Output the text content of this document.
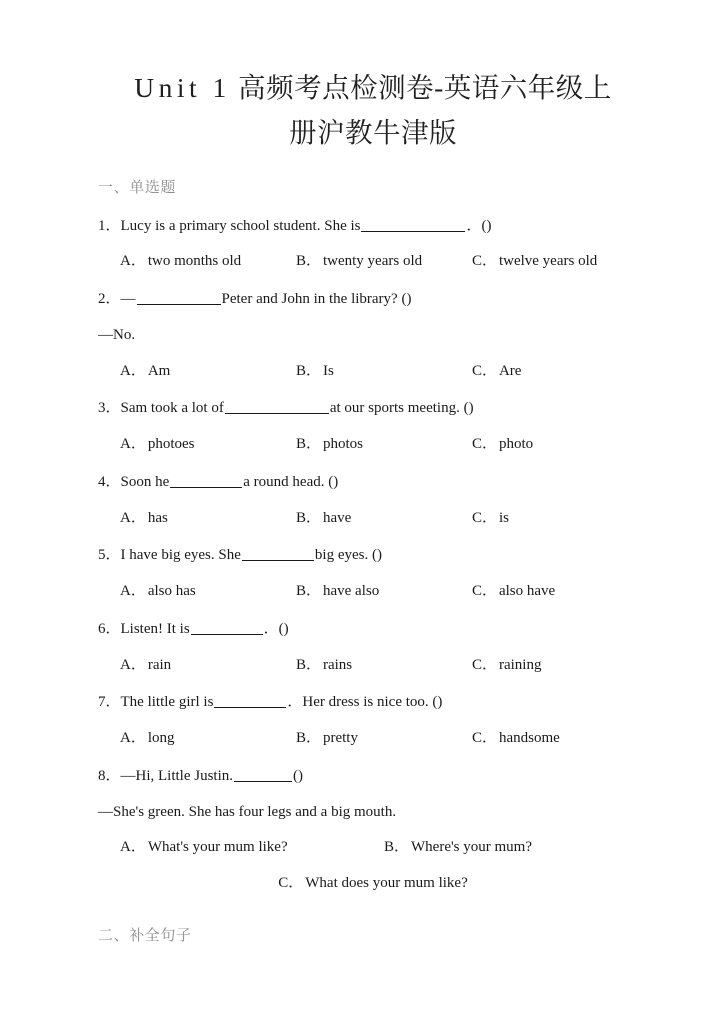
Unit 1 高频考点检测卷-英语六年级上
册沪教牛津版
一、单选题
1．Lucy is a primary school student. She is	．()
A． two months old	B． twenty years old	C． twelve years old
2．—	Peter and John in the library? ()
—No.
A． Am	B． Is	C． Are
3．Sam took a lot of	at our sports meeting. ()
A． photoes	B． photos	C． photo
4．Soon he	a round head. ()
A． has	B． have	C． is
5．I have big eyes. She	big eyes. ()
A． also has	B． have also	C． also have
6．Listen! It is	．()
A． rain	B． rains	C． raining
7．The little girl is	．Her dress is nice too. ()
A． long	B． pretty	C． handsome
8．—Hi, Little Justin.	()
—She's green. She has four legs and a big mouth.
A． What's your mum like?	B． Where's your mum?
C． What does your mum like?
二、补全句子
